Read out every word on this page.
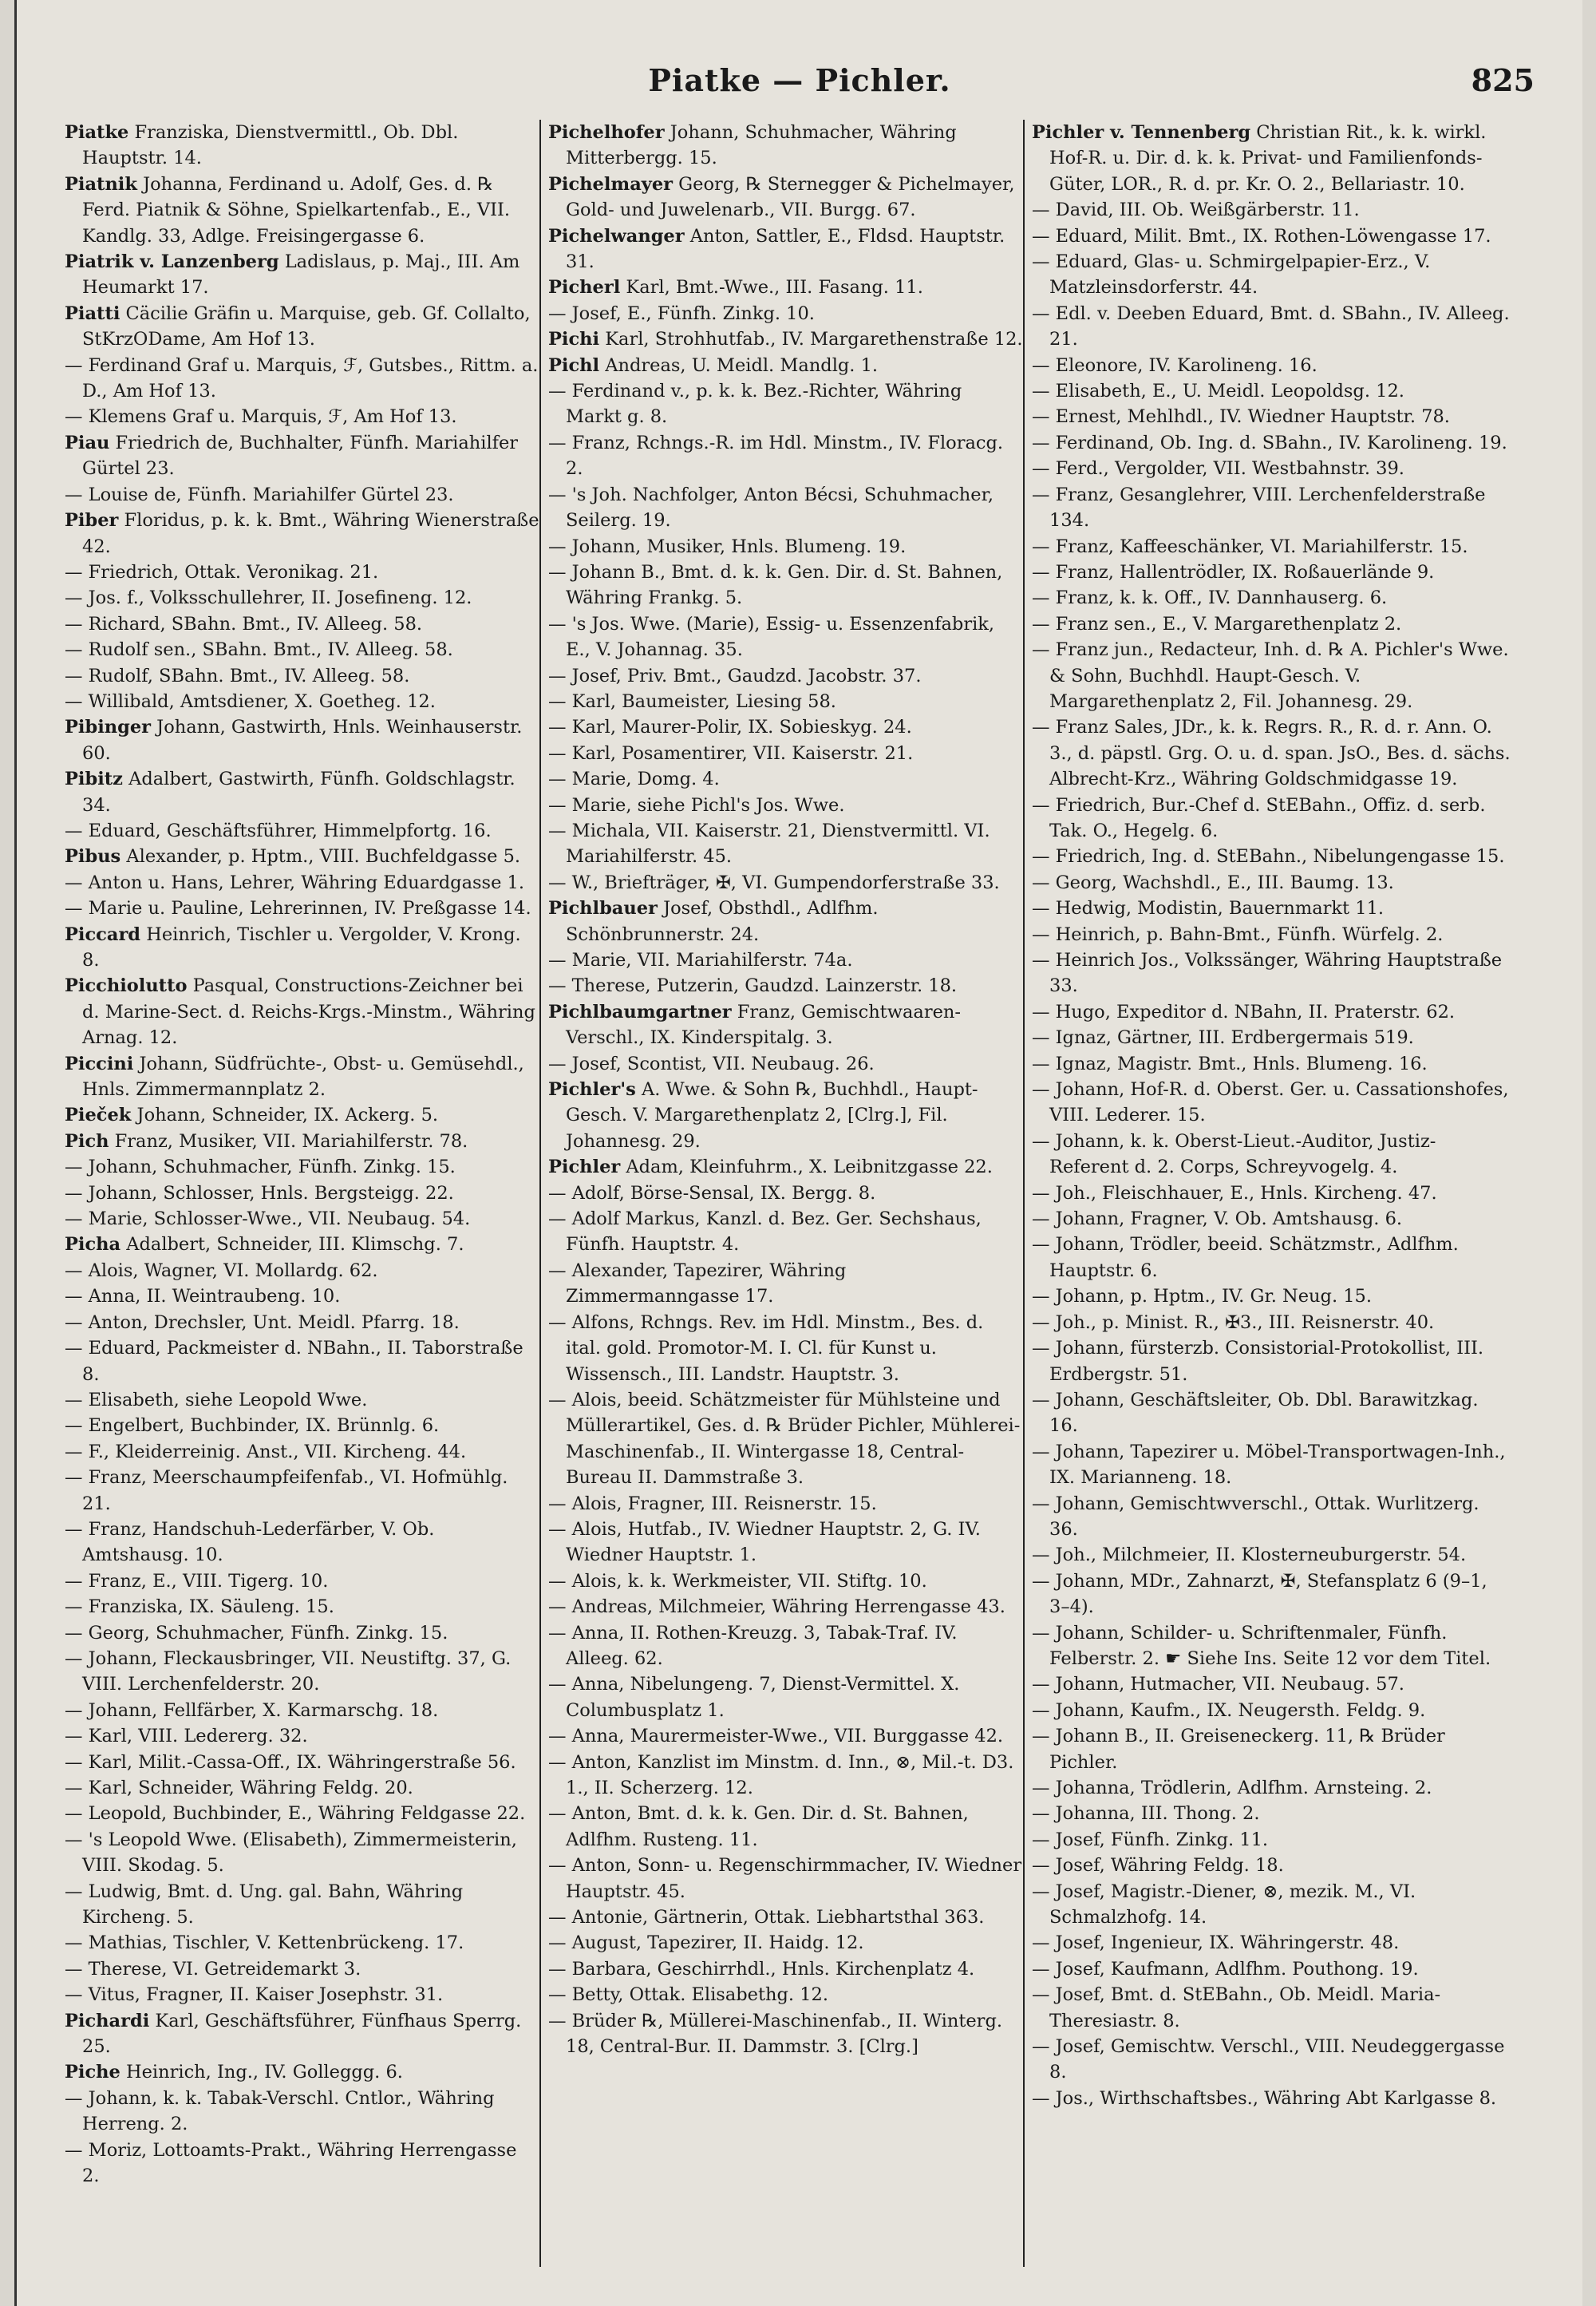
Piatke — Pichler.	825

Piatke Franziska, Dienstvermittl., Ob. Dbl. Hauptstr. 14.

Piatnik Johanna, Ferdinand u. Adolf, Ges. d. ℞ Ferd. Piatnik & Söhne, Spielkartenfab., E., VII. Kandlg. 33, Adlge. Freisingergasse 6.

Piatrik v. Lanzenberg Ladislaus, p. Maj., III. Am Heumarkt 17.

Piatti Cäcilie Gräfin u. Marquise, geb. Gf. Collalto, StKrzODame, Am Hof 13.

— Ferdinand Graf u. Marquis, ℱ, Gutsbes., Rittm. a. D., Am Hof 13.

— Klemens Graf u. Marquis, ℱ, Am Hof 13.

Piau Friedrich de, Buchhalter, Fünfh. Mariahilfer Gürtel 23.

— Louise de, Fünfh. Mariahilfer Gürtel 23.

Piber Floridus, p. k. k. Bmt., Währing Wienerstraße 42.

— Friedrich, Ottak. Veronikag. 21.

— Jos. f., Volksschullehrer, II. Josefineng. 12.

— Richard, SBahn. Bmt., IV. Alleeg. 58.

— Rudolf sen., SBahn. Bmt., IV. Alleeg. 58.

— Rudolf, SBahn. Bmt., IV. Alleeg. 58.

— Willibald, Amtsdiener, X. Goetheg. 12.

Pibinger Johann, Gastwirth, Hnls. Weinhauserstr. 60.

Pibitz Adalbert, Gastwirth, Fünfh. Goldschlagstr. 34.

— Eduard, Geschäftsführer, Himmelpfortg. 16.

Pibus Alexander, p. Hptm., VIII. Buchfeldgasse 5.

— Anton u. Hans, Lehrer, Währing Eduardgasse 1.

— Marie u. Pauline, Lehrerinnen, IV. Preßgasse 14.

Piccard Heinrich, Tischler u. Vergolder, V. Krong. 8.

Picchiolutto Pasqual, Constructions-Zeichner bei d. Marine-Sect. d. Reichs-Krgs.-Minstm., Währing Arnag. 12.

Piccini Johann, Südfrüchte-, Obst- u. Gemüsehdl., Hnls. Zimmermannplatz 2.

Pieček Johann, Schneider, IX. Ackerg. 5.

Pich Franz, Musiker, VII. Mariahilferstr. 78.

— Johann, Schuhmacher, Fünfh. Zinkg. 15.

— Johann, Schlosser, Hnls. Bergsteigg. 22.

— Marie, Schlosser-Wwe., VII. Neubaug. 54.

Picha Adalbert, Schneider, III. Klimschg. 7.

— Alois, Wagner, VI. Mollardg. 62.

— Anna, II. Weintraubeng. 10.

— Anton, Drechsler, Unt. Meidl. Pfarrg. 18.

— Eduard, Packmeister d. NBahn., II. Taborstraße 8.

— Elisabeth, siehe Leopold Wwe.

— Engelbert, Buchbinder, IX. Brünnlg. 6.

— F., Kleiderreinig. Anst., VII. Kircheng. 44.

— Franz, Meerschaumpfeifenfab., VI. Hofmühlg. 21.

— Franz, Handschuh-Lederfärber, V. Ob. Amtshausg. 10.

— Franz, E., VIII. Tigerg. 10.

— Franziska, IX. Säuleng. 15.

— Georg, Schuhmacher, Fünfh. Zinkg. 15.

— Johann, Fleckausbringer, VII. Neustiftg. 37, G. VIII. Lerchenfelderstr. 20.

— Johann, Fellfärber, X. Karmarschg. 18.

— Karl, VIII. Ledererg. 32.

— Karl, Milit.-Cassa-Off., IX. Währingerstraße 56.

— Karl, Schneider, Währing Feldg. 20.

— Leopold, Buchbinder, E., Währing Feldgasse 22.

— 's Leopold Wwe. (Elisabeth), Zimmermeisterin, VIII. Skodag. 5.

— Ludwig, Bmt. d. Ung. gal. Bahn, Währing Kircheng. 5.

— Mathias, Tischler, V. Kettenbrückeng. 17.

— Therese, VI. Getreidemarkt 3.

— Vitus, Fragner, II. Kaiser Josephstr. 31.

Pichardi Karl, Geschäftsführer, Fünfhaus Sperrg. 25.

Piche Heinrich, Ing., IV. Golleggg. 6.

— Johann, k. k. Tabak-Verschl. Cntlor., Währing Herreng. 2.

— Moriz, Lottoamts-Prakt., Währing Herrengasse 2.

Pichelhofer Johann, Schuhmacher, Währing Mitterbergg. 15.

Pichelmayer Georg, ℞ Sternegger & Pichelmayer, Gold- und Juwelenarb., VII. Burgg. 67.

Pichelwanger Anton, Sattler, E., Fldsd. Hauptstr. 31.

Picherl Karl, Bmt.-Wwe., III. Fasang. 11.

— Josef, E., Fünfh. Zinkg. 10.

Pichi Karl, Strohhutfab., IV. Margarethenstraße 12.

Pichl Andreas, U. Meidl. Mandlg. 1.

— Ferdinand v., p. k. k. Bez.-Richter, Währing Markt g. 8.

— Franz, Rchngs.-R. im Hdl. Minstm., IV. Floracg. 2.

— 's Joh. Nachfolger, Anton Bécsi, Schuhmacher, Seilerg. 19.

— Johann, Musiker, Hnls. Blumeng. 19.

— Johann B., Bmt. d. k. k. Gen. Dir. d. St. Bahnen, Währing Frankg. 5.

— 's Jos. Wwe. (Marie), Essig- u. Essenzenfabrik, E., V. Johannag. 35.

— Josef, Priv. Bmt., Gaudzd. Jacobstr. 37.

— Karl, Baumeister, Liesing 58.

— Karl, Maurer-Polir, IX. Sobieskyg. 24.

— Karl, Posamentirer, VII. Kaiserstr. 21.

— Marie, Domg. 4.

— Marie, siehe Pichl's Jos. Wwe.

— Michala, VII. Kaiserstr. 21, Dienstvermittl. VI. Mariahilferstr. 45.

— W., Briefträger, ✠, VI. Gumpendorferstraße 33.

Pichlbauer Josef, Obsthdl., Adlfhm. Schönbrunnerstr. 24.

— Marie, VII. Mariahilferstr. 74a.

— Therese, Putzerin, Gaudzd. Lainzerstr. 18.

Pichlbaumgartner Franz, Gemischtwaaren-Verschl., IX. Kinderspitalg. 3.

— Josef, Scontist, VII. Neubaug. 26.

Pichler's A. Wwe. & Sohn ℞, Buchhdl., Haupt-Gesch. V. Margarethenplatz 2, [Clrg.], Fil. Johannesg. 29.

Pichler Adam, Kleinfuhrm., X. Leibnitzgasse 22.

— Adolf, Börse-Sensal, IX. Bergg. 8.

— Adolf Markus, Kanzl. d. Bez. Ger. Sechshaus, Fünfh. Hauptstr. 4.

— Alexander, Tapezirer, Währing Zimmermanngasse 17.

— Alfons, Rchngs. Rev. im Hdl. Minstm., Bes. d. ital. gold. Promotor-M. I. Cl. für Kunst u. Wissensch., III. Landstr. Hauptstr. 3.

— Alois, beeid. Schätzmeister für Mühlsteine und Müllerartikel, Ges. d. ℞ Brüder Pichler, Mühlerei-Maschinenfab., II. Wintergasse 18, Central-Bureau II. Dammstraße 3.

— Alois, Fragner, III. Reisnerstr. 15.

— Alois, Hutfab., IV. Wiedner Hauptstr. 2, G. IV. Wiedner Hauptstr. 1.

— Alois, k. k. Werkmeister, VII. Stiftg. 10.

— Andreas, Milchmeier, Währing Herrengasse 43.

— Anna, II. Rothen-Kreuzg. 3, Tabak-Traf. IV. Alleeg. 62.

— Anna, Nibelungeng. 7, Dienst-Vermittel. X. Columbusplatz 1.

— Anna, Maurermeister-Wwe., VII. Burggasse 42.

— Anton, Kanzlist im Minstm. d. Inn., ⊗, Mil.-t. D3. 1., II. Scherzerg. 12.

— Anton, Bmt. d. k. k. Gen. Dir. d. St. Bahnen, Adlfhm. Rusteng. 11.

— Anton, Sonn- u. Regenschirmmacher, IV. Wiedner Hauptstr. 45.

— Antonie, Gärtnerin, Ottak. Liebhartsthal 363.

— August, Tapezirer, II. Haidg. 12.

— Barbara, Geschirrhdl., Hnls. Kirchenplatz 4.

— Betty, Ottak. Elisabethg. 12.

— Brüder ℞, Müllerei-Maschinenfab., II. Winterg. 18, Central-Bur. II. Dammstr. 3. [Clrg.]

Pichler v. Tennenberg Christian Rit., k. k. wirkl. Hof-R. u. Dir. d. k. k. Privat- und Familienfonds-Güter, LOR., R. d. pr. Kr. O. 2., Bellariastr. 10.

— David, III. Ob. Weißgärberstr. 11.

— Eduard, Milit. Bmt., IX. Rothen-Löwengasse 17.

— Eduard, Glas- u. Schmirgelpapier-Erz., V. Matzleinsdorferstr. 44.

— Edl. v. Deeben Eduard, Bmt. d. SBahn., IV. Alleeg. 21.

— Eleonore, IV. Karolineng. 16.

— Elisabeth, E., U. Meidl. Leopoldsg. 12.

— Ernest, Mehlhdl., IV. Wiedner Hauptstr. 78.

— Ferdinand, Ob. Ing. d. SBahn., IV. Karolineng. 19.

— Ferd., Vergolder, VII. Westbahnstr. 39.

— Franz, Gesanglehrer, VIII. Lerchenfelderstraße 134.

— Franz, Kaffeeschänker, VI. Mariahilferstr. 15.

— Franz, Hallentrödler, IX. Roßauerlände 9.

— Franz, k. k. Off., IV. Dannhauserg. 6.

— Franz sen., E., V. Margarethenplatz 2.

— Franz jun., Redacteur, Inh. d. ℞ A. Pichler's Wwe. & Sohn, Buchhdl. Haupt-Gesch. V. Margarethenplatz 2, Fil. Johannesg. 29.

— Franz Sales, JDr., k. k. Regrs. R., R. d. r. Ann. O. 3., d. päpstl. Grg. O. u. d. span. JsO., Bes. d. sächs. Albrecht-Krz., Währing Goldschmidgasse 19.

— Friedrich, Bur.-Chef d. StEBahn., Offiz. d. serb. Tak. O., Hegelg. 6.

— Friedrich, Ing. d. StEBahn., Nibelungengasse 15.

— Georg, Wachshdl., E., III. Baumg. 13.

— Hedwig, Modistin, Bauernmarkt 11.

— Heinrich, p. Bahn-Bmt., Fünfh. Würfelg. 2.

— Heinrich Jos., Volkssänger, Währing Hauptstraße 33.

— Hugo, Expeditor d. NBahn, II. Praterstr. 62.

— Ignaz, Gärtner, III. Erdbergermais 519.

— Ignaz, Magistr. Bmt., Hnls. Blumeng. 16.

— Johann, Hof-R. d. Oberst. Ger. u. Cassationshofes, VIII. Lederer. 15.

— Johann, k. k. Oberst-Lieut.-Auditor, Justiz-Referent d. 2. Corps, Schreyvogelg. 4.

— Joh., Fleischhauer, E., Hnls. Kircheng. 47.

— Johann, Fragner, V. Ob. Amtshausg. 6.

— Johann, Trödler, beeid. Schätzmstr., Adlfhm. Hauptstr. 6.

— Johann, p. Hptm., IV. Gr. Neug. 15.

— Joh., p. Minist. R., ✠3., III. Reisnerstr. 40.

— Johann, fürsterzb. Consistorial-Protokollist, III. Erdbergstr. 51.

— Johann, Geschäftsleiter, Ob. Dbl. Barawitzkag. 16.

— Johann, Tapezirer u. Möbel-Transportwagen-Inh., IX. Marianneng. 18.

— Johann, Gemischtwverschl., Ottak. Wurlitzerg. 36.

— Joh., Milchmeier, II. Klosterneuburgerstr. 54.

— Johann, MDr., Zahnarzt, ✠, Stefansplatz 6 (9–1, 3–4).

— Johann, Schilder- u. Schriftenmaler, Fünfh. Felberstr. 2. ☛ Siehe Ins. Seite 12 vor dem Titel.

— Johann, Hutmacher, VII. Neubaug. 57.

— Johann, Kaufm., IX. Neugersth. Feldg. 9.

— Johann B., II. Greiseneckerg. 11, ℞ Brüder Pichler.

— Johanna, Trödlerin, Adlfhm. Arnsteing. 2.

— Johanna, III. Thong. 2.

— Josef, Fünfh. Zinkg. 11.

— Josef, Währing Feldg. 18.

— Josef, Magistr.-Diener, ⊗, mezik. M., VI. Schmalzhofg. 14.

— Josef, Ingenieur, IX. Währingerstr. 48.

— Josef, Kaufmann, Adlfhm. Pouthong. 19.

— Josef, Bmt. d. StEBahn., Ob. Meidl. Maria-Theresiastr. 8.

— Josef, Gemischtw. Verschl., VIII. Neudeggergasse 8.

— Jos., Wirthschaftsbes., Währing Abt Karlgasse 8.
